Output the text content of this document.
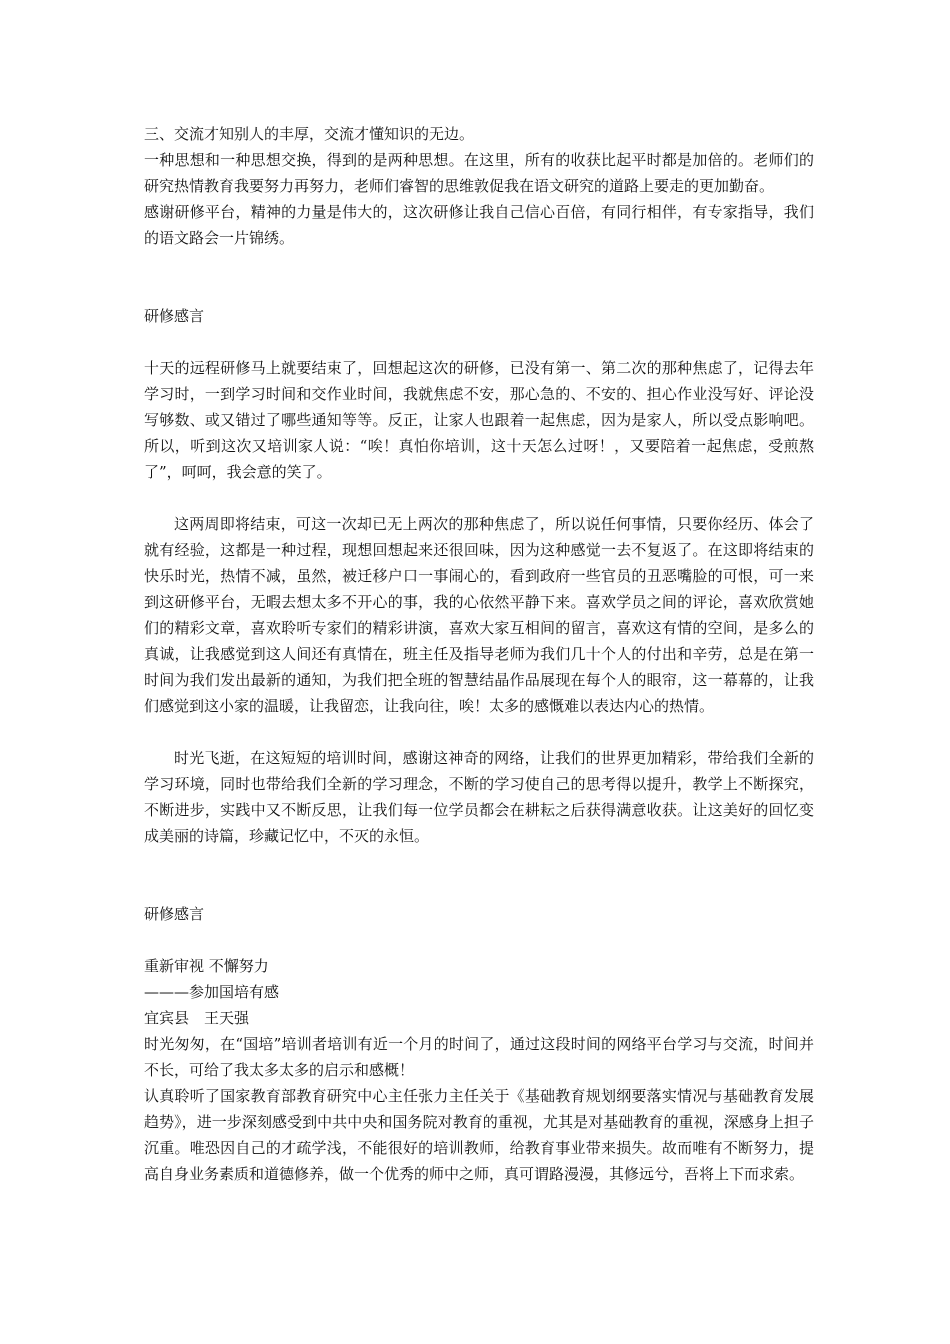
三、交流才知别人的丰厚，交流才懂知识的无边。

一种思想和一种思想交换，得到的是两种思想。在这里，所有的收获比起平时都是加倍的。老师们的研究热情教育我要努力再努力，老师们睿智的思维敦促我在语文研究的道路上要走的更加勤奋。

感谢研修平台，精神的力量是伟大的，这次研修让我自己信心百倍，有同行相伴，有专家指导，我们的语文路会一片锦绣。

研修感言

十天的远程研修马上就要结束了，回想起这次的研修，已没有第一、第二次的那种焦虑了，记得去年学习时，一到学习时间和交作业时间，我就焦虑不安，那心急的、不安的、担心作业没写好、评论没写够数、或又错过了哪些通知等等。反正，让家人也跟着一起焦虑，因为是家人，所以受点影响吧。所以，听到这次又培训家人说：“唉！真怕你培训，这十天怎么过呀！，又要陪着一起焦虑，受煎熬了”，呵呵，我会意的笑了。

这两周即将结束，可这一次却已无上两次的那种焦虑了，所以说任何事情，只要你经历、体会了就有经验，这都是一种过程，现想回想起来还很回味，因为这种感觉一去不复返了。在这即将结束的快乐时光，热情不减，虽然，被迁移户口一事闹心的，看到政府一些官员的丑恶嘴脸的可恨，可一来到这研修平台，无暇去想太多不开心的事，我的心依然平静下来。喜欢学员之间的评论，喜欢欣赏她们的精彩文章，喜欢聆听专家们的精彩讲演，喜欢大家互相间的留言，喜欢这有情的空间，是多么的真诚，让我感觉到这人间还有真情在，班主任及指导老师为我们几十个人的付出和辛劳，总是在第一时间为我们发出最新的通知，为我们把全班的智慧结晶作品展现在每个人的眼帘，这一幕幕的，让我们感觉到这小家的温暖，让我留恋，让我向往，唉！太多的感慨难以表达内心的热情。

时光飞逝，在这短短的培训时间，感谢这神奇的网络，让我们的世界更加精彩，带给我们全新的学习环境，同时也带给我们全新的学习理念，不断的学习使自己的思考得以提升，教学上不断探究，不断进步，实践中又不断反思，让我们每一位学员都会在耕耘之后获得满意收获。让这美好的回忆变成美丽的诗篇，珍藏记忆中，不灭的永恒。

研修感言

重新审视 不懈努力

———参加国培有感

宜宾县　王天强

时光匆匆，在“国培”培训者培训有近一个月的时间了，通过这段时间的网络平台学习与交流，时间并不长，可给了我太多太多的启示和感概！

认真聆听了国家教育部教育研究中心主任张力主任关于《基础教育规划纲要落实情况与基础教育发展趋势》，进一步深刻感受到中共中央和国务院对教育的重视，尤其是对基础教育的重视，深感身上担子沉重。唯恐因自己的才疏学浅，不能很好的培训教师，给教育事业带来损失。故而唯有不断努力，提高自身业务素质和道德修养，做一个优秀的师中之师，真可谓路漫漫，其修远兮，吾将上下而求索。
